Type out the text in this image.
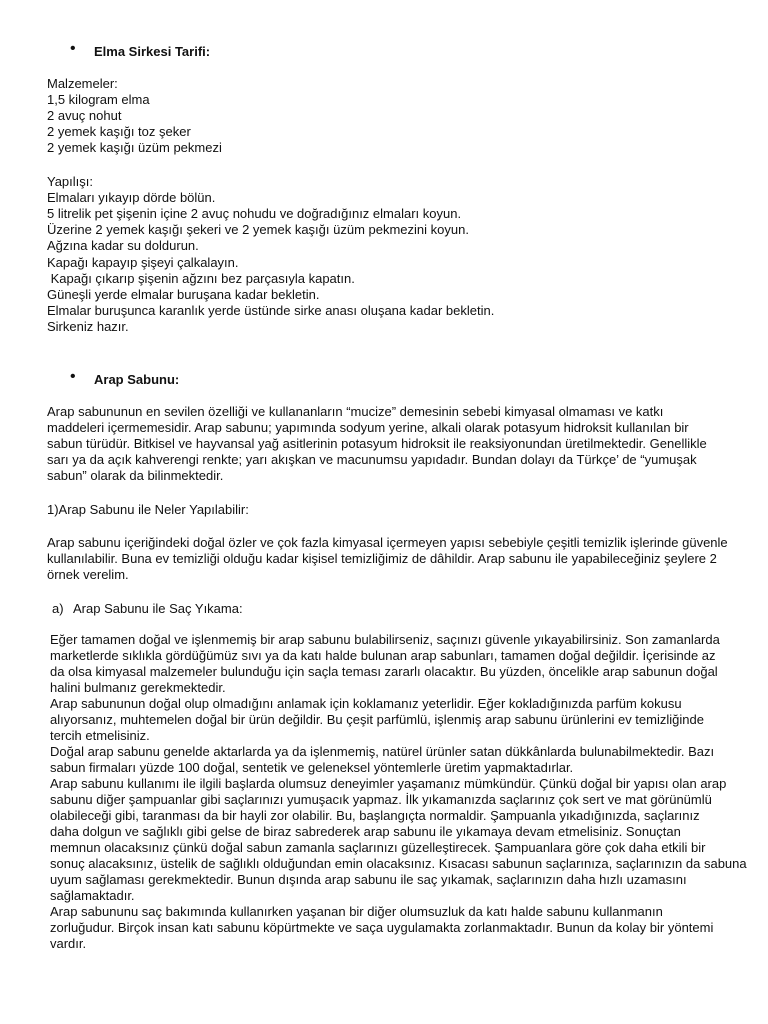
•
Elma Sirkesi Tarifi:
Malzemeler:
1,5 kilogram elma
2 avuç nohut
2 yemek kaşığı toz şeker
2 yemek kaşığı üzüm pekmezi
Yapılışı:
Elmaları yıkayıp dörde bölün.
5 litrelik pet şişenin içine 2 avuç nohudu ve doğradığınız elmaları koyun.
Üzerine 2 yemek kaşığı şekeri ve 2 yemek kaşığı üzüm pekmezini koyun.
Ağzına kadar su doldurun.
Kapağı kapayıp şişeyi çalkalayın.
Kapağı çıkarıp şişenin ağzını bez parçasıyla kapatın.
Güneşli yerde elmalar buruşana kadar bekletin.
Elmalar buruşunca karanlık yerde üstünde sirke anası oluşana kadar bekletin.
Sirkeniz hazır.
•
Arap Sabunu:
Arap sabununun en sevilen özelliği ve kullananların “mucize” demesinin sebebi kimyasal olmaması ve katkı
maddeleri içermemesidir. Arap sabunu; yapımında sodyum yerine, alkali olarak potasyum hidroksit kullanılan bir
sabun türüdür. Bitkisel ve hayvansal yağ asitlerinin potasyum hidroksit ile reaksiyonundan üretilmektedir. Genellikle
sarı ya da açık kahverengi renkte; yarı akışkan ve macunumsu yapıdadır. Bundan dolayı da Türkçe’ de “yumuşak
sabun” olarak da bilinmektedir.
1)Arap Sabunu ile Neler Yapılabilir:
Arap sabunu içeriğindeki doğal özler ve çok fazla kimyasal içermeyen yapısı sebebiyle çeşitli temizlik işlerinde güvenle
kullanılabilir. Buna ev temizliği olduğu kadar kişisel temizliğimiz de dâhildir. Arap sabunu ile yapabileceğiniz şeylere 2
örnek verelim.
a) Arap Sabunu ile Saç Yıkama:
Eğer tamamen doğal ve işlenmemiş bir arap sabunu bulabilirseniz, saçınızı güvenle yıkayabilirsiniz. Son zamanlarda
marketlerde sıklıkla gördüğümüz sıvı ya da katı halde bulunan arap sabunları, tamamen doğal değildir. İçerisinde az
da olsa kimyasal malzemeler bulunduğu için saçla teması zararlı olacaktır. Bu yüzden, öncelikle arap sabunun doğal
halini bulmanız gerekmektedir.
Arap sabununun doğal olup olmadığını anlamak için koklamanız yeterlidir. Eğer kokladığınızda parfüm kokusu
alıyorsanız, muhtemelen doğal bir ürün değildir. Bu çeşit parfümlü, işlenmiş arap sabunu ürünlerini ev temizliğinde
tercih etmelisiniz.
Doğal arap sabunu genelde aktarlarda ya da işlenmemiş, natürel ürünler satan dükkânlarda bulunabilmektedir. Bazı
sabun firmaları yüzde 100 doğal, sentetik ve geleneksel yöntemlerle üretim yapmaktadırlar.
Arap sabunu kullanımı ile ilgili başlarda olumsuz deneyimler yaşamanız mümkündür. Çünkü doğal bir yapısı olan arap
sabunu diğer şampuanlar gibi saçlarınızı yumuşacık yapmaz. İlk yıkamanızda saçlarınız çok sert ve mat görünümlü
olabileceği gibi, taranması da bir hayli zor olabilir. Bu, başlangıçta normaldir. Şampuanla yıkadığınızda, saçlarınız
daha dolgun ve sağlıklı gibi gelse de biraz sabrederek arap sabunu ile yıkamaya devam etmelisiniz. Sonuçtan
memnun olacaksınız çünkü doğal sabun zamanla saçlarınızı güzelleştirecek. Şampuanlara göre çok daha etkili bir
sonuç alacaksınız, üstelik de sağlıklı olduğundan emin olacaksınız. Kısacası sabunun saçlarınıza, saçlarınızın da sabuna
uyum sağlaması gerekmektedir. Bunun dışında arap sabunu ile saç yıkamak, saçlarınızın daha hızlı uzamasını
sağlamaktadır.
Arap sabununu saç bakımında kullanırken yaşanan bir diğer olumsuzluk da katı halde sabunu kullanmanın
zorluğudur. Birçok insan katı sabunu köpürtmekte ve saça uygulamakta zorlanmaktadır. Bunun da kolay bir yöntemi
vardır.
